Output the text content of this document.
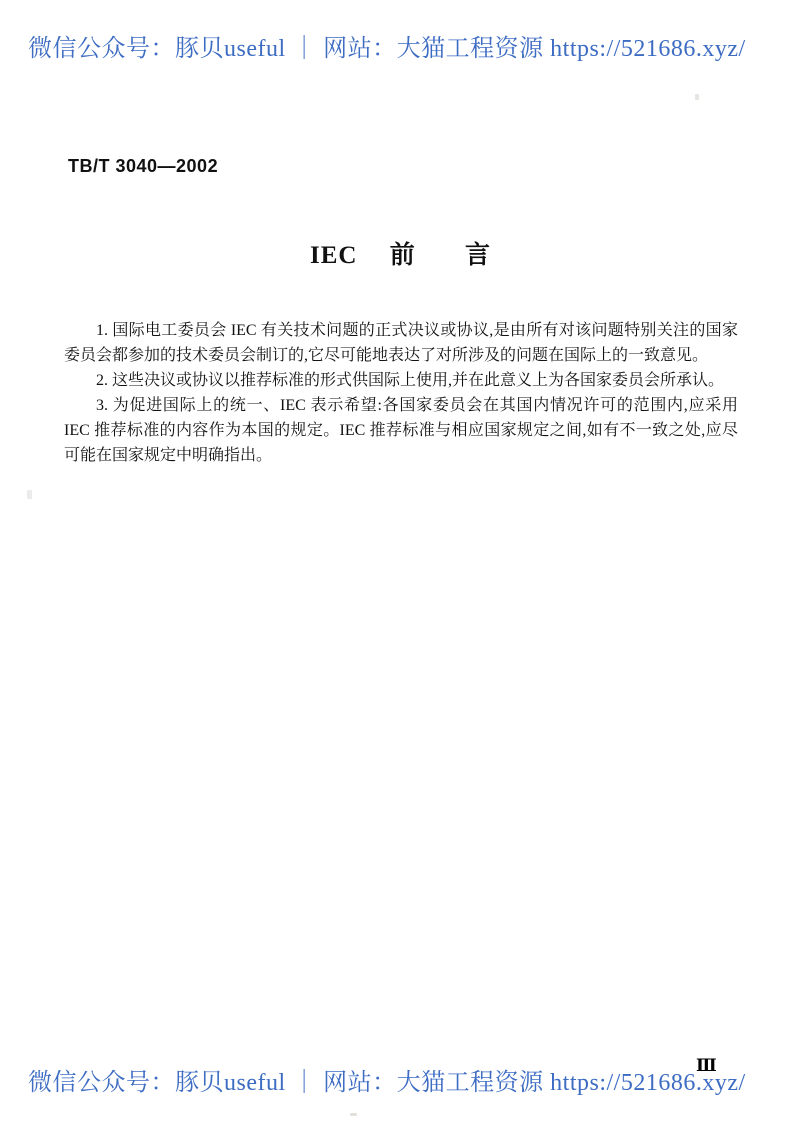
微信公众号：豚贝useful ｜ 网站：大猫工程资源 https://521686.xyz/
TB/T 3040—2002
IEC 前 言

1. 国际电工委员会 IEC 有关技术问题的正式决议或协议,是由所有对该问题特别关注的国家委员会都参加的技术委员会制订的,它尽可能地表达了对所涉及的问题在国际上的一致意见。

2. 这些决议或协议以推荐标准的形式供国际上使用,并在此意义上为各国家委员会所承认。

3. 为促进国际上的统一、IEC 表示希望:各国家委员会在其国内情况许可的范围内,应采用 IEC 推荐标准的内容作为本国的规定。IEC 推荐标准与相应国家规定之间,如有不一致之处,应尽可能在国家规定中明确指出。

Ⅲ
微信公众号：豚贝useful ｜ 网站：大猫工程资源 https://521686.xyz/
